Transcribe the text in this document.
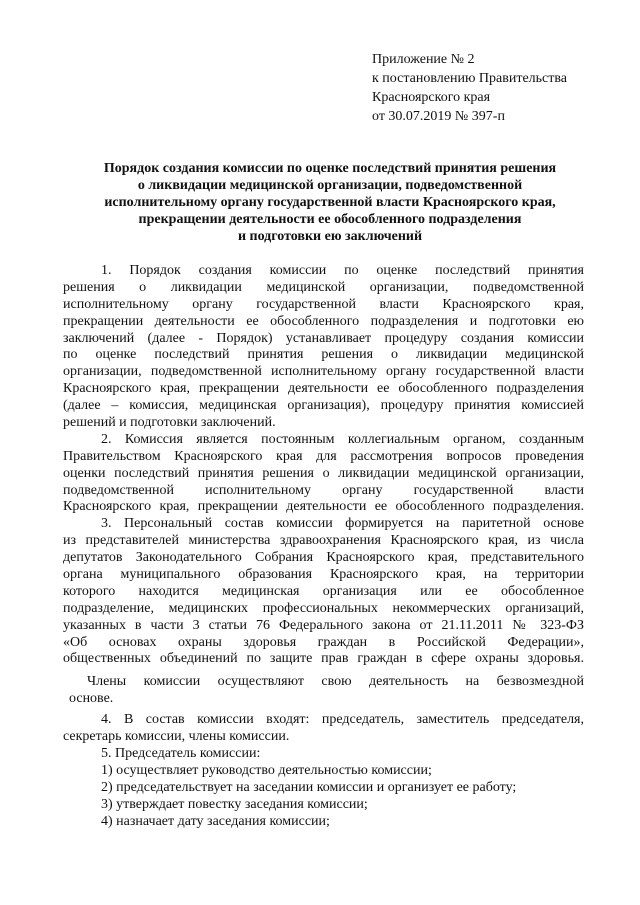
Приложение № 2
к постановлению Правительства
Красноярского края
от 30.07.2019 № 397-п
Порядок создания комиссии по оценке последствий принятия решения
о ликвидации медицинской организации, подведомственной
исполнительному органу государственной власти Красноярского края,
прекращении деятельности ее обособленного подразделения
и подготовки ею заключений
1. Порядок создания комиссии по оценке последствий принятия
решения о ликвидации медицинской организации, подведомственной
исполнительному органу государственной власти Красноярского края,
прекращении деятельности ее обособленного подразделения и подготовки ею
заключений (далее - Порядок) устанавливает процедуру создания комиссии
по оценке последствий принятия решения о ликвидации медицинской
организации, подведомственной исполнительному органу государственной власти
Красноярского края, прекращении деятельности ее обособленного подразделения
(далее – комиссия, медицинская организация), процедуру принятия комиссией
решений и подготовки заключений.
2. Комиссия является постоянным коллегиальным органом, созданным
Правительством Красноярского края для рассмотрения вопросов проведения
оценки последствий принятия решения о ликвидации медицинской организации,
подведомственной исполнительному органу государственной власти
Красноярского края, прекращении деятельности ее обособленного подразделения.
3. Персональный состав комиссии формируется на паритетной основе
из представителей министерства здравоохранения Красноярского края, из числа
депутатов Законодательного Собрания Красноярского края, представительного
органа муниципального образования Красноярского края, на территории
которого находится медицинская организация или ее обособленное
подразделение, медицинских профессиональных некоммерческих организаций,
указанных в части 3 статьи 76 Федерального закона от 21.11.2011 № 323-ФЗ
«Об основах охраны здоровья граждан в Российской Федерации»,
общественных объединений по защите прав граждан в сфере охраны здоровья.
Члены комиссии осуществляют свою деятельность на безвозмездной
основе.
4. В состав комиссии входят: председатель, заместитель председателя,
секретарь комиссии, члены комиссии.
5. Председатель комиссии:
1) осуществляет руководство деятельностью комиссии;
2) председательствует на заседании комиссии и организует ее работу;
3) утверждает повестку заседания комиссии;
4) назначает дату заседания комиссии;
